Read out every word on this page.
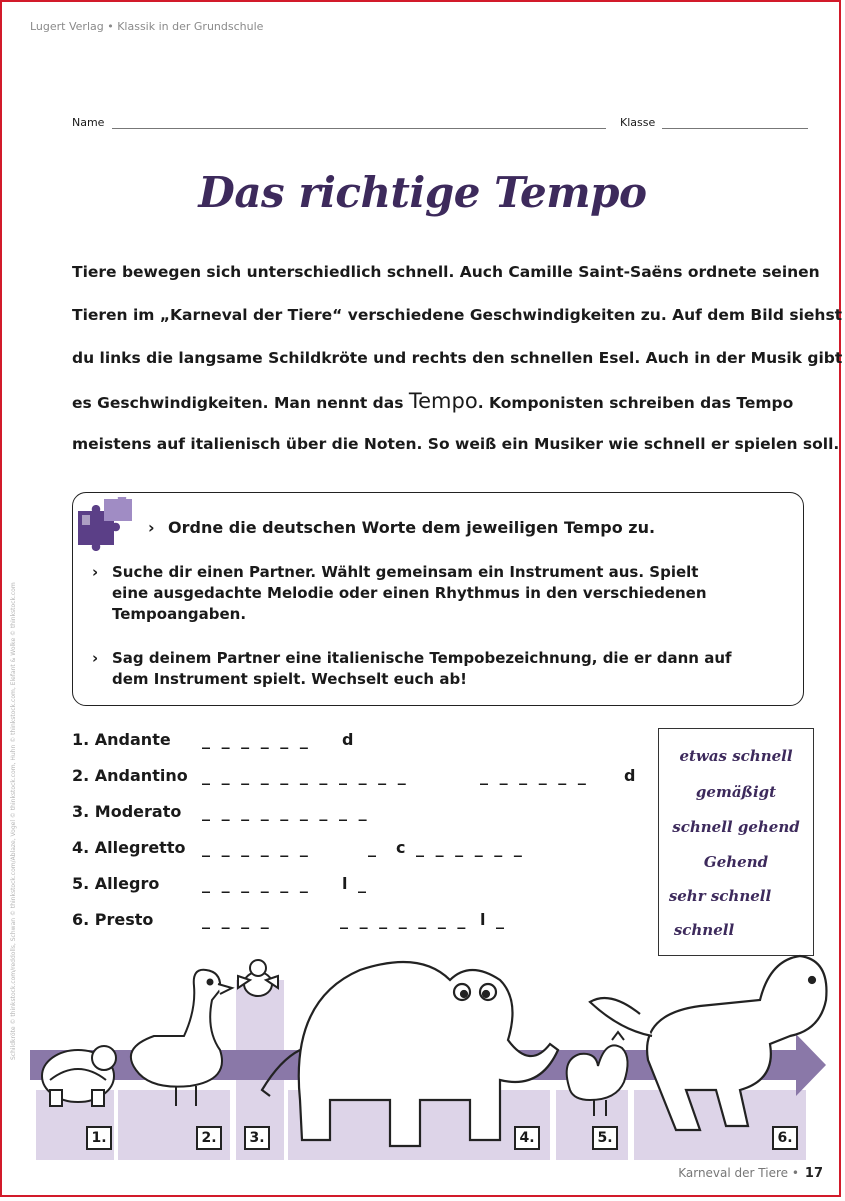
Lugert Verlag • Klassik in der Grundschule
Name	Klasse
Das richtige Tempo
Tiere bewegen sich unterschiedlich schnell. Auch Camille Saint-Saëns ordnete seinen
Tieren im „Karneval der Tiere“ verschiedene Geschwindigkeiten zu. Auf dem Bild siehst
du links die langsame Schildkröte und rechts den schnellen Esel. Auch in der Musik gibt
es Geschwindigkeiten. Man nennt das Tempo. Komponisten schreiben das Tempo
meistens auf italienisch über die Noten. So weiß ein Musiker wie schnell er spielen soll.
› Ordne die deutschen Worte dem jeweiligen Tempo zu.
› Suche dir einen Partner. Wählt gemeinsam ein Instrument aus. Spielt
eine ausgedachte Melodie oder einen Rhythmus in den verschiedenen
Tempoangaben.
› Sag deinem Partner eine italienische Tempobezeichnung, die er dann auf
dem Instrument spielt. Wechselt euch ab!
1. Andante _ _ _ _ _ _ d
2. Andantino _ _ _ _ _ _ _ _ _ _ _	_ _ _ _ _ _ d
3. Moderato _ _ _ _ _ _ _ _ _
4. Allegretto _ _ _ _ _ _	_ c _ _ _ _ _ _
5. Allegro	_ _ _ _ _ _ l _
6. Presto	_ _ _ _	_ _ _ _ _ _ _ l _
etwas schnell
gemäßigt
schnell gehend
Gehend
sehr schnell
schnell
Schildkröte © thinkstock.com/reddolls, Schwan © thinkstock.com/Ablaze, Vogel © thinkstock.com, Huhn © thinkstock.com, Elefant & Wolke © thinkstock.com
1.	2.	3.	4.	5.	6.
Karneval der Tiere • 17
